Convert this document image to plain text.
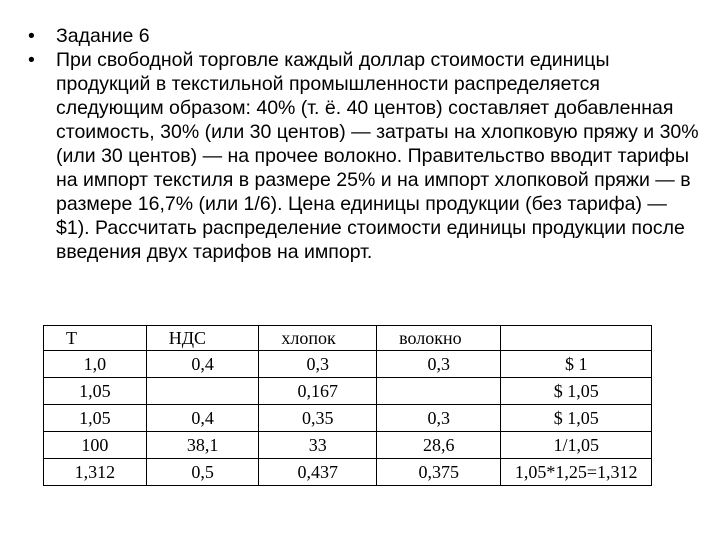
• Задание 6
• При свободной торговле каждый доллар стоимости единицы продукций в текстильной промышленности распределяется следующим образом: 40% (т. ё. 40 центов) составляет добавленная стоимость, 30% (или 30 центов) — затраты на хлопковую пряжу и 30% (или 30 центов) — на прочее волокно. Правительство вводит тарифы на импорт текстиля в размере 25% и на импорт хлопковой пряжи — в размере 16,7% (или 1/6). Цена единицы продукции (без тарифа) — $1). Рассчитать распределение стоимости единицы продукции после введения двух тарифов на импорт.
Т	НДС	хлопок	волокно	
1,0	0,4	0,3	0,3	$ 1
1,05		0,167		$ 1,05
1,05	0,4	0,35	0,3	$ 1,05
100	38,1	33	28,6	1/1,05
1,312	0,5	0,437	0,375	1,05*1,25=1,312
